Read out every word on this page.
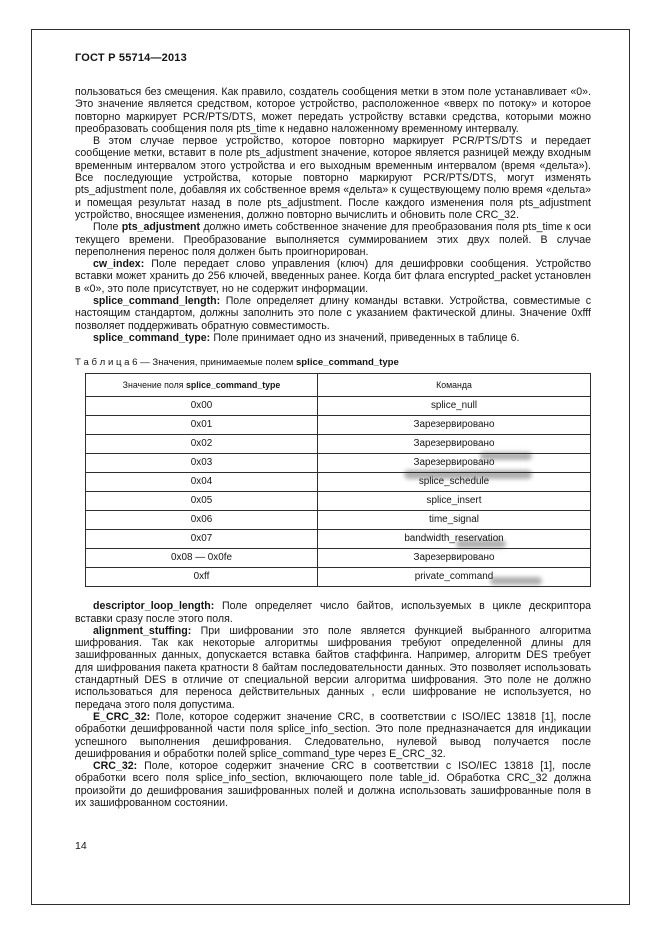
ГОСТ Р 55714—2013

пользоваться без смещения. Как правило, создатель сообщения метки в этом поле устанавливает «0». Это значение является средством, которое устройство, расположенное «вверх по потоку» и которое повторно маркирует PCR/PTS/DTS, может передать устройству вставки средства, которыми можно преобразовать сообщения поля pts_time к недавно наложенному временному интервалу.

В этом случае первое устройство, которое повторно маркирует PCR/PTS/DTS и передает сообщение метки, вставит в поле pts_adjustment значение, которое является разницей между входным временным интервалом этого устройства и его выходным временным интервалом (время «дельта»). Все последующие устройства, которые повторно маркируют PCR/PTS/DTS, могут изменять pts_adjustment поле, добавляя их собственное время «дельта» к существующему полю время «дельта» и помещая результат назад в поле pts_adjustment. После каждого изменения поля pts_adjustment устройство, вносящее изменения, должно повторно вычислить и обновить поле CRC_32.

Поле pts_adjustment должно иметь собственное значение для преобразования поля pts_time к оси текущего времени. Преобразование выполняется суммированием этих двух полей. В случае переполнения перенос поля должен быть проигнорирован.

cw_index: Поле передает слово управления (ключ) для дешифровки сообщения. Устройство вставки может хранить до 256 ключей, введенных ранее. Когда бит флага encrypted_packet установлен в «0», это поле присутствует, но не содержит информации.

splice_command_length: Поле определяет длину команды вставки. Устройства, совместимые с настоящим стандартом, должны заполнить это поле с указанием фактической длины. Значение 0xfff позволяет поддерживать обратную совместимость.

splice_command_type: Поле принимает одно из значений, приведенных в таблице 6.

Т а б л и ц а 6 — Значения, принимаемые полем splice_command_type
Значение поля splice_command_type	Команда
0x00	splice_null
0x01	Зарезервировано
0x02	Зарезервировано
0x03	Зарезервировано
0x04	splice_schedule
0x05	splice_insert
0x06	time_signal
0x07	bandwidth_reservation
0x08 — 0x0fe	Зарезервировано
0xff	private_command

descriptor_loop_length: Поле определяет число байтов, используемых в цикле дескриптора вставки сразу после этого поля.

alignment_stuffing: При шифровании это поле является функцией выбранного алгоритма шифрования. Так как некоторые алгоритмы шифрования требуют определенной длины для зашифрованных данных, допускается вставка байтов стаффинга. Например, алгоритм DES требует для шифрования пакета кратности 8 байтам последовательности данных. Это позволяет использовать стандартный DES в отличие от специальной версии алгоритма шифрования. Это поле не должно использоваться для переноса действительных данных , если шифрование не используется, но передача этого поля допустима.

E_CRC_32: Поле, которое содержит значение CRC, в соответствии с ISO/IEC 13818 [1], после обработки дешифрованной части поля splice_info_section. Это поле предназначается для индикации успешного выполнения дешифрования. Следовательно, нулевой вывод получается после дешифрования и обработки полей splice_command_type через E_CRC_32.

CRC_32: Поле, которое содержит значение CRC в соответствии с ISO/IEC 13818 [1], после обработки всего поля splice_info_section, включающего поле table_id. Обработка CRC_32 должна произойти до дешифрования зашифрованных полей и должна использовать зашифрованные поля в их зашифрованном состоянии.

14
